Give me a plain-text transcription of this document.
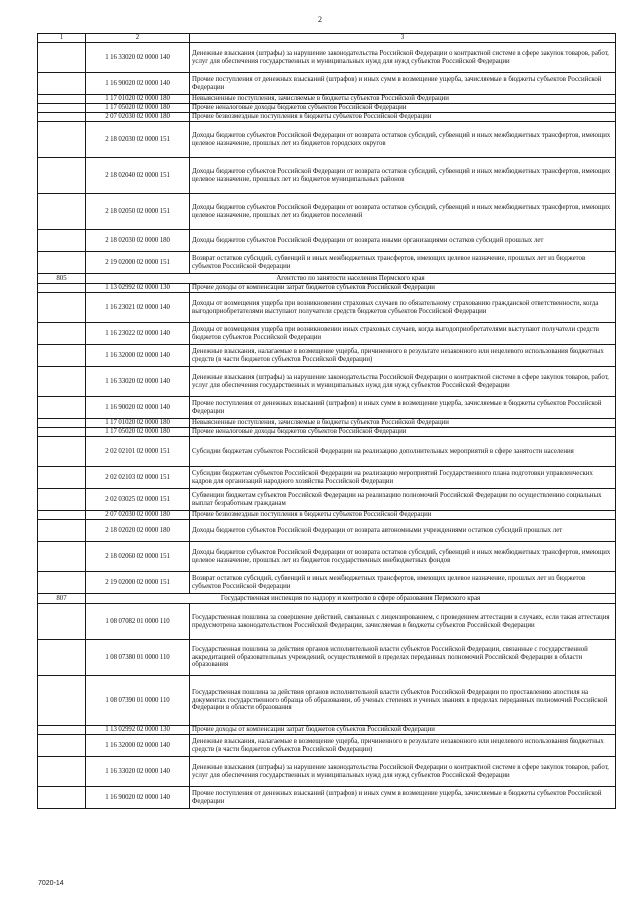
2
1	2	3
	1 16 33020 02 0000 140	Денежные взыскания (штрафы) за нарушение законодательства Российской Федерации о контрактной системе в сфере закупок товаров, работ, услуг для обеспечения государственных и муниципальных нужд для нужд субъектов Российской Федерации
	1 16 90020 02 0000 140	Прочие поступления от денежных взысканий (штрафов) и иных сумм в возмещение ущерба, зачисляемые в бюджеты субъектов Российской Федерации
	1 17 01020 02 0000 180	Невыясненные поступления, зачисляемые в бюджеты субъектов Российской Федерации
	1 17 05020 02 0000 180	Прочие неналоговые доходы бюджетов субъектов Российской Федерации
	2 07 02030 02 0000 180	Прочие безвозмездные поступления в бюджеты субъектов Российской Федерации
	2 18 02030 02 0000 151	Доходы бюджетов субъектов Российской Федерации от возврата остатков субсидий, субвенций и иных межбюджетных трансфертов, имеющих целевое назначение, прошлых лет из бюджетов городских округов
	2 18 02040 02 0000 151	Доходы бюджетов субъектов Российской Федерации от возврата остатков субсидий, субвенций и иных межбюджетных трансфертов, имеющих целевое назначение, прошлых лет из бюджетов муниципальных районов
	2 18 02050 02 0000 151	Доходы бюджетов субъектов Российской Федерации от возврата остатков субсидий, субвенций и иных межбюджетных трансфертов, имеющих целевое назначение, прошлых лет из бюджетов поселений
	2 18 02030 02 0000 180	Доходы бюджетов субъектов Российской Федерации от возврата иными организациями остатков субсидий прошлых лет
	2 19 02000 02 0000 151	Возврат остатков субсидий, субвенций и иных межбюджетных трансфертов, имеющих целевое назначение, прошлых лет из бюджетов субъектов Российской Федерации
805	Агентство по занятости населения Пермского края	
	1 13 02992 02 0000 130	Прочие доходы от компенсации затрат бюджетов субъектов Российской Федерации
	1 16 23021 02 0000 140	Доходы от возмещения ущерба при возникновении страховых случаев по обязательному страхованию гражданской ответственности, когда выгодоприобретателями выступают получатели средств бюджетов субъектов Российской Федерации
	1 16 23022 02 0000 140	Доходы от возмещения ущерба при возникновении иных страховых случаев, когда выгодоприобретателями выступают получатели средств бюджетов субъектов Российской Федерации
	1 16 32000 02 0000 140	Денежные взыскания, налагаемые в возмещение ущерба, причиненного в результате незаконного или нецелевого использования бюджетных средств (в части бюджетов субъектов Российской Федерации)
	1 16 33020 02 0000 140	Денежные взыскания (штрафы) за нарушение законодательства Российской Федерации о контрактной системе в сфере закупок товаров, работ, услуг для обеспечения государственных и муниципальных нужд для нужд субъектов Российской Федерации
	1 16 90020 02 0000 140	Прочие поступления от денежных взысканий (штрафов) и иных сумм в возмещение ущерба, зачисляемые в бюджеты субъектов Российской Федерации
	1 17 01020 02 0000 180	Невыясненные поступления, зачисляемые в бюджеты субъектов Российской Федерации
	1 17 05020 02 0000 180	Прочие неналоговые доходы бюджетов субъектов Российской Федерации
	2 02 02101 02 0000 151	Субсидии бюджетам субъектов Российской Федерации на реализацию дополнительных мероприятий в сфере занятости населения
	2 02 02103 02 0000 151	Субсидии бюджетам субъектов Российской Федерации на реализацию мероприятий Государственного плана подготовки управленческих кадров для организаций народного хозяйства Российской Федерации
	2 02 03025 02 0000 151	Субвенции бюджетам субъектов Российской Федерации на реализацию полномочий Российской Федерации по осуществлению социальных выплат безработным гражданам
	2 07 02030 02 0000 180	Прочие безвозмездные поступления в бюджеты субъектов Российской Федерации
	2 18 02020 02 0000 180	Доходы бюджетов субъектов Российской Федерации от возврата автономными учреждениями остатков субсидий прошлых лет
	2 18 02060 02 0000 151	Доходы бюджетов субъектов Российской Федерации от возврата остатков субсидий, субвенций и иных межбюджетных трансфертов, имеющих целевое назначение, прошлых лет из бюджетов государственных внебюджетных фондов
	2 19 02000 02 0000 151	Возврат остатков субсидий, субвенций и иных межбюджетных трансфертов, имеющих целевое назначение, прошлых лет из бюджетов субъектов Российской Федерации
807	Государственная инспекция по надзору и контролю в сфере образования Пермского края	
	1 08 07082 01 0000 110	Государственная пошлина за совершение действий, связанных с лицензированием, с проведением аттестации в случаях, если такая аттестация предусмотрена законодательством Российской Федерации, зачисляемая в бюджеты субъектов Российской Федерации
	1 08 07380 01 0000 110	Государственная пошлина за действия органов исполнительной власти субъектов Российской Федерации, связанные с государственной аккредитацией образовательных учреждений, осуществляемой в пределах переданных полномочий Российской Федерации в области образования
	1 08 07390 01 0000 110	Государственная пошлина за действия органов исполнительной власти субъектов Российской Федерации по проставлению апостиля на документах государственного образца об образовании, об ученых степенях и ученых званиях в пределах переданных полномочий Российской Федерации в области образования
	1 13 02992 02 0000 130	Прочие доходы от компенсации затрат бюджетов субъектов Российской Федерации
	1 16 32000 02 0000 140	Денежные взыскания, налагаемые в возмещение ущерба, причиненного в результате незаконного или нецелевого использования бюджетных средств (в части бюджетов субъектов Российской Федерации)
	1 16 33020 02 0000 140	Денежные взыскания (штрафы) за нарушение законодательства Российской Федерации о контрактной системе в сфере закупок товаров, работ, услуг для обеспечения государственных и муниципальных нужд для нужд субъектов Российской Федерации
	1 16 90020 02 0000 140	Прочие поступления от денежных взысканий (штрафов) и иных сумм в возмещение ущерба, зачисляемые в бюджеты субъектов Российской Федерации
7020-14
